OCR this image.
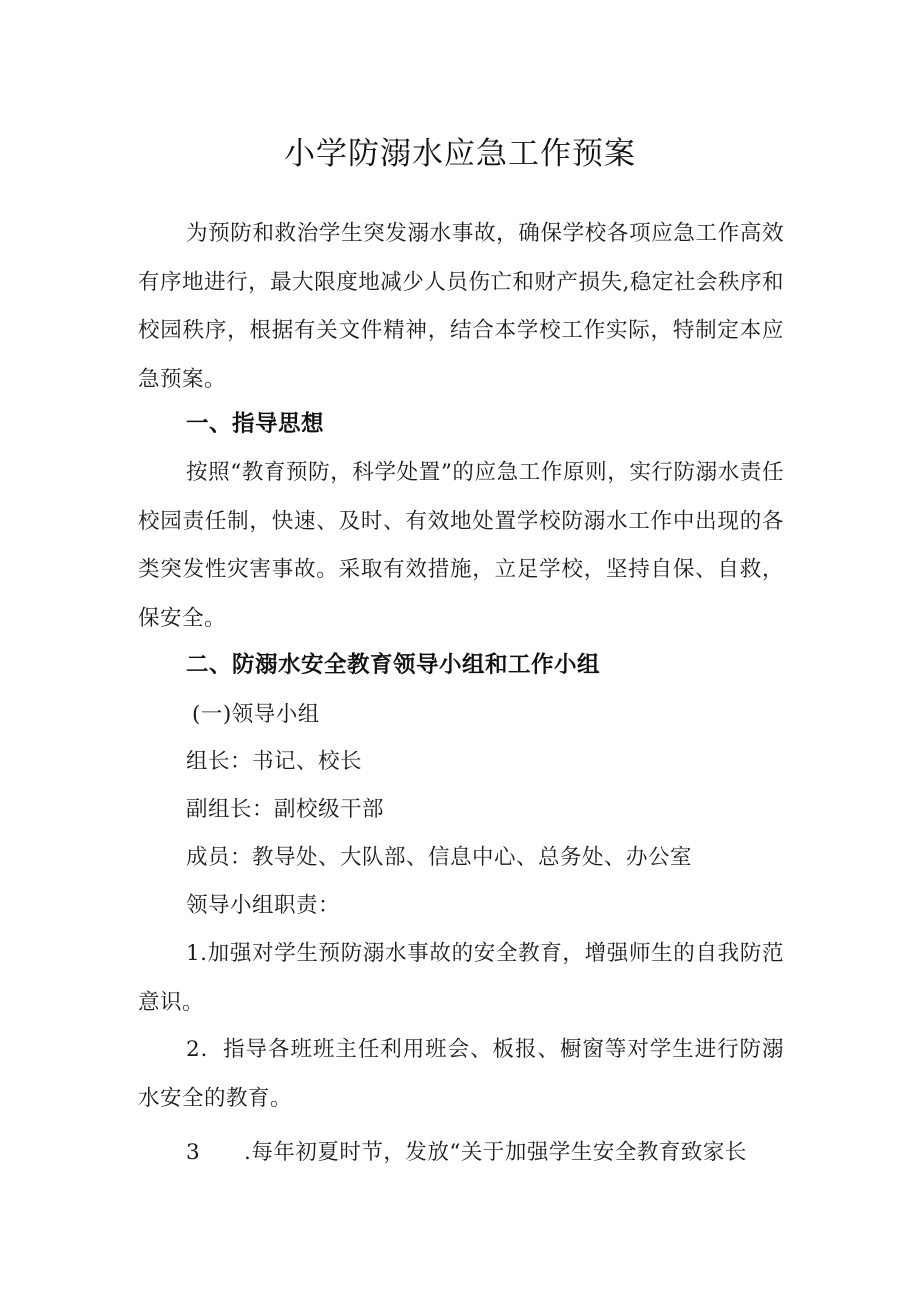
小学防溺水应急工作预案

为预防和救治学生突发溺水事故，确保学校各项应急工作高效有序地进行，最大限度地减少人员伤亡和财产损失,稳定社会秩序和校园秩序，根据有关文件精神，结合本学校工作实际，特制定本应急预案。

一、指导思想

按照“教育预防，科学处置”的应急工作原则，实行防溺水责任校园责任制，快速、及时、有效地处置学校防溺水工作中出现的各类突发性灾害事故。采取有效措施，立足学校，坚持自保、自救，保安全。

二、防溺水安全教育领导小组和工作小组

(一)领导小组

组长：书记、校长

副组长：副校级干部

成员：教导处、大队部、信息中心、总务处、办公室

领导小组职责：

1.加强对学生预防溺水事故的安全教育，增强师生的自我防范意识。

2．指导各班班主任利用班会、板报、橱窗等对学生进行防溺水安全的教育。

3 .每年初夏时节，发放“关于加强学生安全教育致家长
